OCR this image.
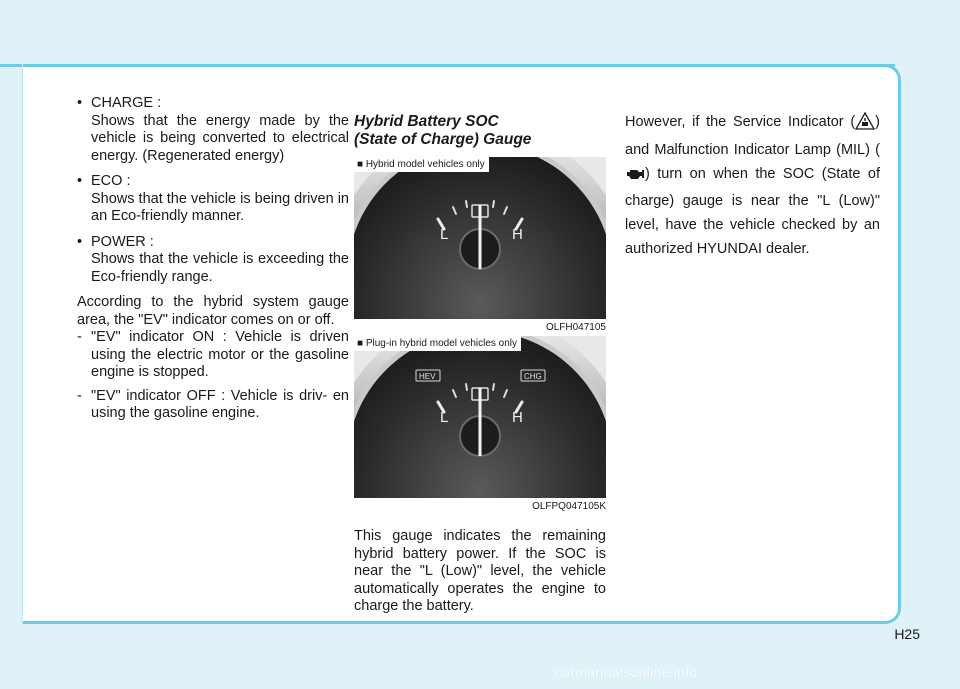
• CHARGE :
Shows that the energy made by the vehicle is being converted to electrical energy. (Regenerated energy)
• ECO :
Shows that the vehicle is being driven in an Eco-friendly manner.
• POWER :
Shows that the vehicle is exceeding the Eco-friendly range.
According to the hybrid system gauge area, the "EV" indicator comes on or off.
- "EV" indicator ON : Vehicle is driven using the electric motor or the gasoline engine is stopped.
- "EV" indicator OFF : Vehicle is driv- en using the gasoline engine.
Hybrid Battery SOC
(State of Charge) Gauge
L	H
■ Hybrid model vehicles only
OLFH047105
HEV	CHG
L	H
■ Plug-in hybrid model vehicles only
OLFPQ047105K
This gauge indicates the remaining hybrid battery power. If the SOC is near the "L (Low)" level, the vehicle automatically operates the engine to charge the battery.
However, if the Service Indicator ( ) and Malfunction Indicator Lamp (MIL) () turn on when the SOC (State of charge) gauge is near the "L (Low)" level, have the vehicle checked by an authorized HYUNDAI dealer.
H25
carmanualsonline.info
